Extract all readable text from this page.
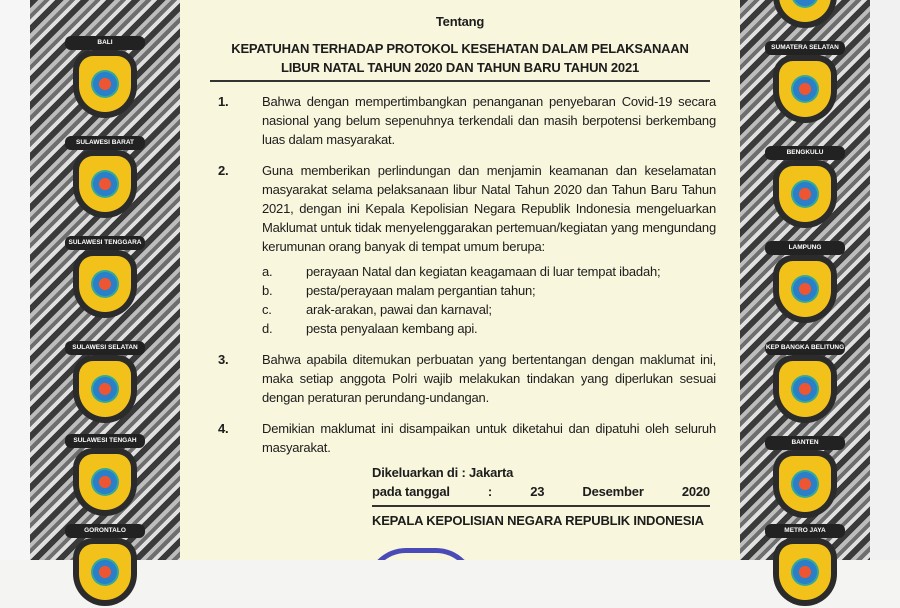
BALI
SULAWESI BARAT
SULAWESI TENGGARA
SULAWESI SELATAN
SULAWESI TENGAH
GORONTALO
SUMATERA SELATAN
BENGKULU
LAMPUNG
KEP BANGKA BELITUNG
BANTEN
METRO JAYA
Tentang
KEPATUHAN TERHADAP PROTOKOL KESEHATAN DALAM PELAKSANAAN
LIBUR NATAL TAHUN 2020 DAN TAHUN BARU TAHUN 2021
1.	Bahwa dengan mempertimbangkan penanganan penyebaran Covid-19 secara nasional yang belum sepenuhnya terkendali dan masih berpotensi berkembang luas dalam masyarakat.
2.	Guna memberikan perlindungan dan menjamin keamanan dan keselamatan masyarakat selama pelaksanaan libur Natal Tahun 2020 dan Tahun Baru Tahun 2021, dengan ini Kepala Kepolisian Negara Republik Indonesia mengeluarkan Maklumat untuk tidak menyelenggarakan pertemuan/kegiatan yang mengundang kerumunan orang banyak di tempat umum berupa:
a.	perayaan Natal dan kegiatan keagamaan di luar tempat ibadah;
b.	pesta/perayaan malam pergantian tahun;
c.	arak-arakan, pawai dan karnaval;
d.	pesta penyalaan kembang api.
3.	Bahwa apabila ditemukan perbuatan yang bertentangan dengan maklumat ini, maka setiap anggota Polri wajib melakukan tindakan yang diperlukan sesuai dengan peraturan perundang-undangan.
4.	Demikian maklumat ini disampaikan untuk diketahui dan dipatuhi oleh seluruh masyarakat.
Dikeluarkan di : Jakarta
pada tanggal	:	23	Desember	2020
KEPALA KEPOLISIAN NEGARA REPUBLIK INDONESIA
